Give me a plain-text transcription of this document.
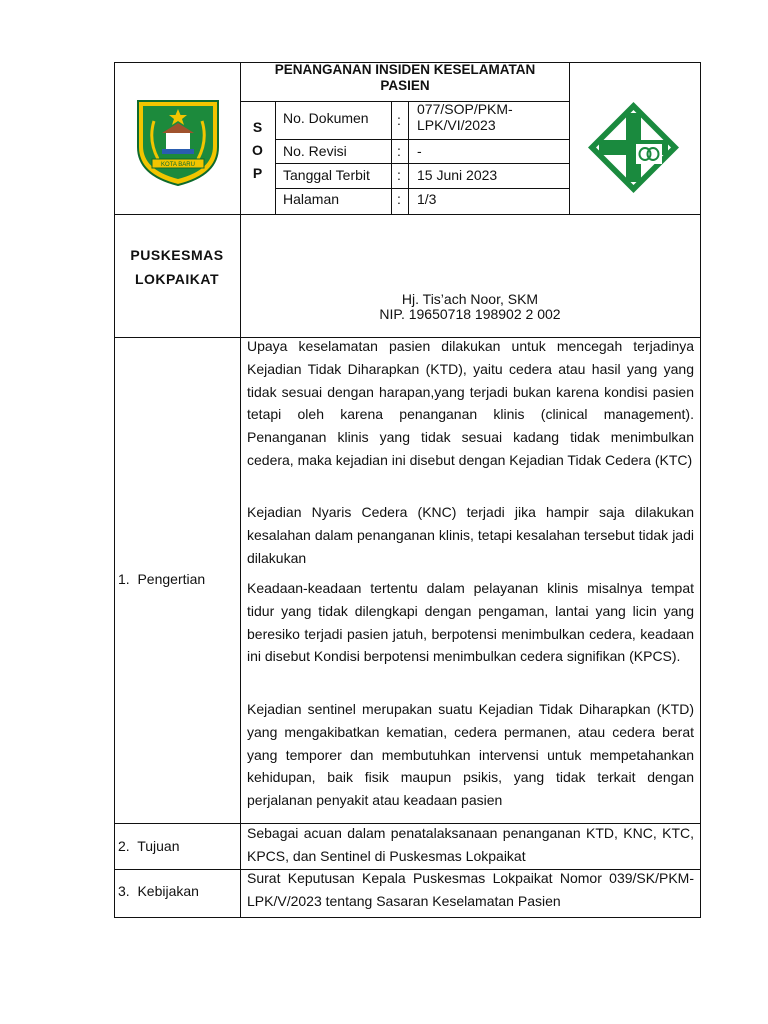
KOTA BARU
PENANGANAN INSIDEN KESELAMATAN PASIEN
S
O
P
No. Dokumen :
077/SOP/PKM-LPK/VI/2023
No. Revisi	: -
Tanggal Terbit : 15 Juni 2023
Halaman	: 1/3
PUSKESMAS
LOKPAIKAT
Hj. Tis’ach Noor, SKM
NIP. 19650718 198902 2 002
1.  Pengertian
Upaya keselamatan pasien dilakukan untuk mencegah terjadinya Kejadian Tidak Diharapkan (KTD), yaitu cedera atau hasil yang yang tidak sesuai dengan harapan,yang terjadi bukan karena kondisi pasien tetapi oleh karena penanganan klinis (clinical management). Penanganan klinis yang tidak sesuai kadang tidak menimbulkan cedera, maka kejadian ini disebut dengan Kejadian Tidak Cedera (KTC)
Kejadian Nyaris Cedera (KNC) terjadi jika hampir saja dilakukan kesalahan dalam penanganan klinis, tetapi kesalahan tersebut tidak jadi dilakukan
Keadaan-keadaan tertentu dalam pelayanan klinis misalnya tempat tidur yang tidak dilengkapi dengan pengaman, lantai yang licin yang beresiko terjadi pasien jatuh, berpotensi menimbulkan cedera, keadaan ini disebut Kondisi berpotensi menimbulkan cedera signifikan (KPCS).
Kejadian sentinel merupakan suatu Kejadian Tidak Diharapkan (KTD) yang mengakibatkan kematian, cedera permanen, atau cedera berat yang temporer dan membutuhkan intervensi untuk mempetahankan kehidupan, baik fisik maupun psikis, yang tidak terkait dengan perjalanan penyakit atau keadaan pasien
2.  Tujuan
Sebagai acuan dalam penatalaksanaan penanganan KTD, KNC, KTC, KPCS, dan Sentinel di Puskesmas Lokpaikat
3.  Kebijakan
Surat Keputusan Kepala Puskesmas Lokpaikat Nomor 039/SK/PKM-LPK/V/2023 tentang Sasaran Keselamatan Pasien
